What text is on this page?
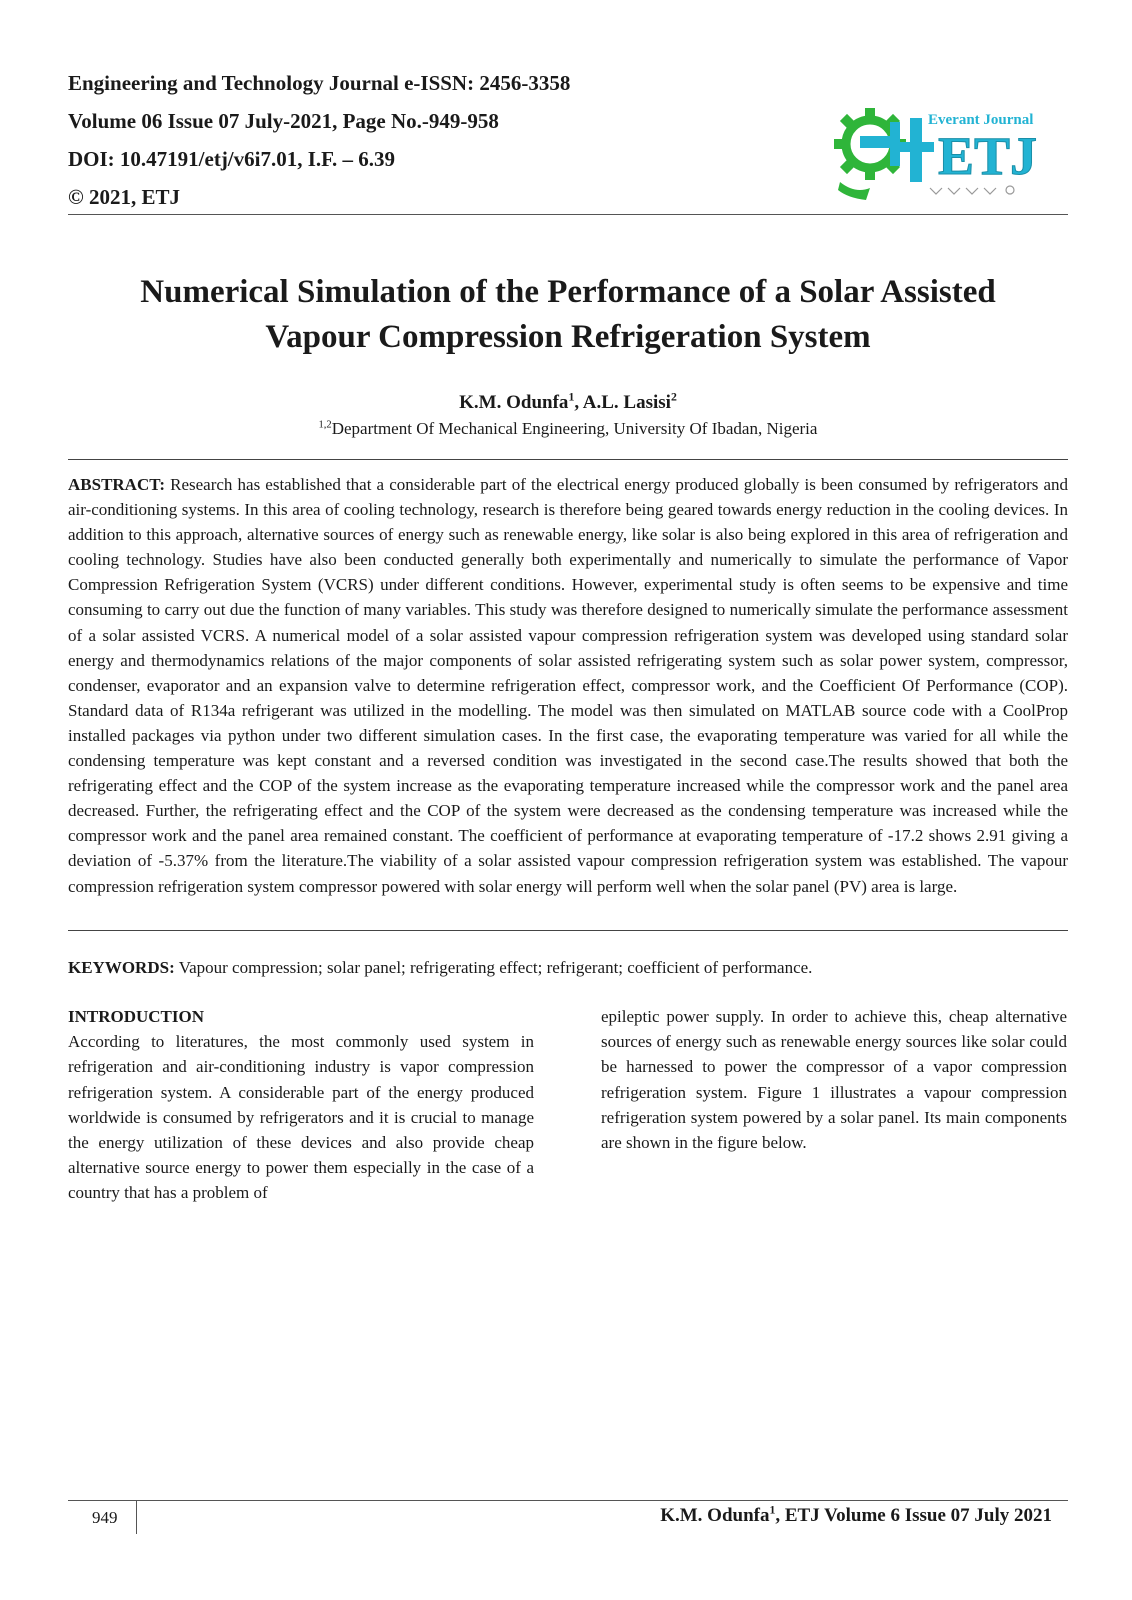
Engineering and Technology Journal e-ISSN: 2456-3358
Volume 06 Issue 07 July-2021, Page No.-949-958
DOI: 10.47191/etj/v6i7.01, I.F. – 6.39
© 2021, ETJ
Everant Journal
ETJ
Numerical Simulation of the Performance of a Solar Assisted
Vapour Compression Refrigeration System
K.M. Odunfa$^1$, A.L. Lasisi$^2$
$^{1,2}$Department Of Mechanical Engineering, University Of Ibadan, Nigeria
ABSTRACT: Research has established that a considerable part of the electrical energy produced globally is been consumed by refrigerators and air-conditioning systems. In this area of cooling technology, research is therefore being geared towards energy reduction in the cooling devices. In addition to this approach, alternative sources of energy such as renewable energy, like solar is also being explored in this area of refrigeration and cooling technology. Studies have also been conducted generally both experimentally and numerically to simulate the performance of Vapor Compression Refrigeration System (VCRS) under different conditions. However, experimental study is often seems to be expensive and time consuming to carry out due the function of many variables. This study was therefore designed to numerically simulate the performance assessment of a solar assisted VCRS. A numerical model of a solar assisted vapour compression refrigeration system was developed using standard solar energy and thermodynamics relations of the major components of solar assisted refrigerating system such as solar power system, compressor, condenser, evaporator and an expansion valve to determine refrigeration effect, compressor work, and the Coefficient Of Performance (COP). Standard data of R134a refrigerant was utilized in the modelling. The model was then simulated on MATLAB source code with a CoolProp installed packages via python under two different simulation cases. In the first case, the evaporating temperature was varied for all while the condensing temperature was kept constant and a reversed condition was investigated in the second case.The results showed that both the refrigerating effect and the COP of the system increase as the evaporating temperature increased while the compressor work and the panel area decreased. Further, the refrigerating effect and the COP of the system were decreased as the condensing temperature was increased while the compressor work and the panel area remained constant. The coefficient of performance at evaporating temperature of -17.2 shows 2.91 giving a deviation of -5.37% from the literature.The viability of a solar assisted vapour compression refrigeration system was established. The vapour compression refrigeration system compressor powered with solar energy will perform well when the solar panel (PV) area is large.
KEYWORDS: Vapour compression; solar panel; refrigerating effect; refrigerant; coefficient of performance.
INTRODUCTION
According to literatures, the most commonly used system in refrigeration and air-conditioning industry is vapor compression refrigeration system. A considerable part of the energy produced worldwide is consumed by refrigerators and it is crucial to manage the energy utilization of these devices and also provide cheap alternative source energy to power them especially in the case of a country that has a problem of
epileptic power supply. In order to achieve this, cheap alternative sources of energy such as renewable energy sources like solar could be harnessed to power the compressor of a vapor compression refrigeration system. Figure 1 illustrates a vapour compression refrigeration system powered by a solar panel. Its main components are shown in the figure below.
949	K.M. Odunfa$^1$, ETJ Volume 6 Issue 07 July 2021
